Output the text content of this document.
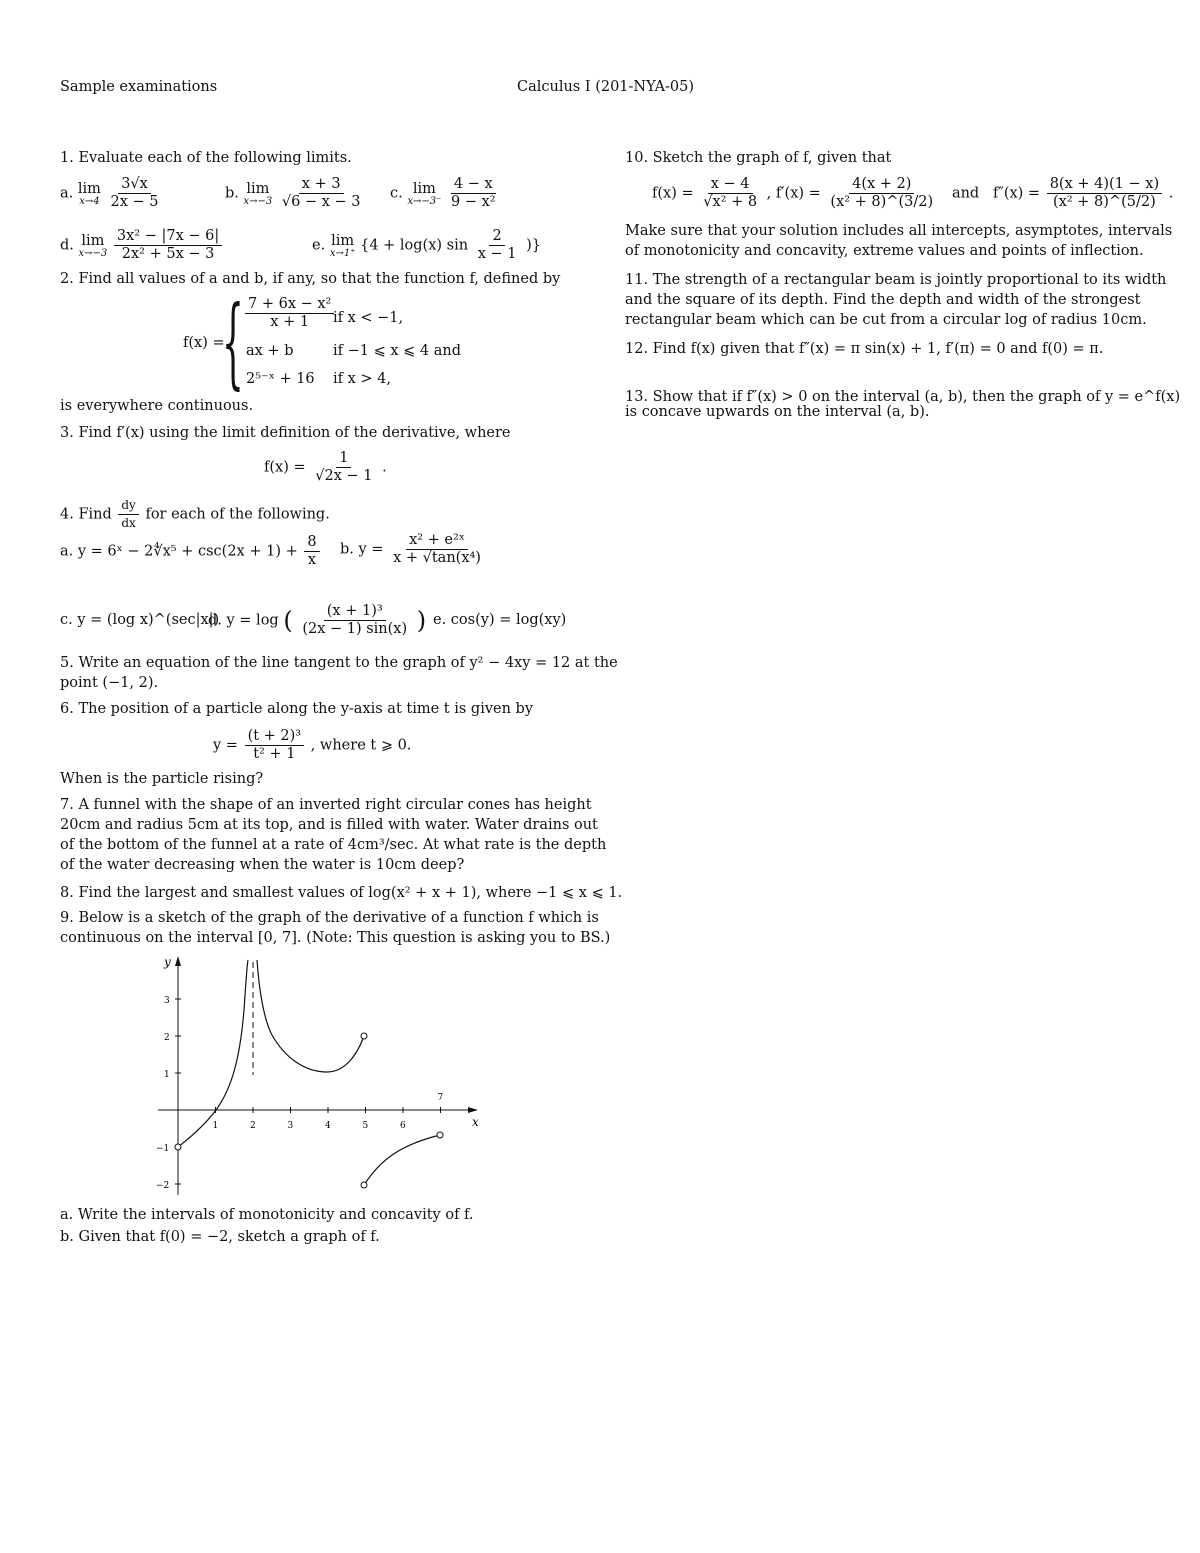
Sample examinations	Calculus I (201-NYA-05)
1. Evaluate each of the following limits.
a. lim
x→4
$\frac{3√x}{2x - 5}$	b. lim
x→−3
$\frac{x + 3}{√6 - x - 3} c$. lim
x→−3⁻
$\frac{4 - x}{\text{9 − x²}}$
d. lim
x→−3
$\frac{\text{3x² − |7x − 6|}}{\text{2x² + 5x − 3}}$	e. lim
x→1⁺ {4 + log(x) $\sin \frac{2}{x - 1}$ )}
2. Find all values of a and b, if any, so that the function f, defined by
f(x) =
{ $\frac{\text{7 + 6x − x²}}{x + 1}$
if x < −1,
ax + b	if −1 ⩽ x ⩽ 4 and
2⁵⁻ˣ + 16 if x > 4,
is everywhere continuous.
3. Find f′(x) using the limit definition of the derivative, where
$f(x) = \frac{1}{√2x - 1}$ .
4. Find $\frac{dy}{dx}$ for each of the following.
a. y = 6ˣ − 2∜x⁵ + $\csc(2x + 1) + \frac{8}{x} b$. $y = \frac{\text{x² + e²ˣ}}{\text{x + √tan(x⁴)}}$
c. y = (log x)^(sec|x|)
d. y = log ( $\frac{\text{(x + 1)³}}{(2x - 1) \sin(x)}$ ) e. cos(y) = log(xy)
5. Write an equation of the line tangent to the graph of y² − 4xy = 12 at the
point (−1, 2).
6. The position of a particle along the y-axis at time t is given by
$y = \frac{\text{(t + 2)³}}{\text{t² + 1}}$ , where t ⩾ 0.
When is the particle rising?
7. A funnel with the shape of an inverted right circular cones has height
20cm and radius 5cm at its top, and is filled with water. Water drains out
of the bottom of the funnel at a rate of 4cm³/sec. At what rate is the depth
of the water decreasing when the water is 10cm deep?
8. Find the largest and smallest values of log(x² + x + 1), where −1 ⩽ x ⩽ 1.
9. Below is a sketch of the graph of the derivative of a function f which is
continuous on the interval [0, 7]. (Note: This question is asking you to BS.)
y
x
1	2	3	4	5	6
7
3
2
1
−1
−2
a. Write the intervals of monotonicity and concavity of f.
b. Given that f(0) = −2, sketch a graph of f.
10. Sketch the graph of f, given that
$f(x) = \frac{x - 4}{\text{√x² + 8}}$ , $f'(x) = \frac{4(x + 2)}{\text{(x² + 8)\textasciicircum{}(3/2)}}$ and $f''(x) = \frac{8(x + 4)(1 - x)}{\text{(x² + 8)\textasciicircum{}(5/2)}}$ .
Make sure that your solution includes all intercepts, asymptotes, intervals
of monotonicity and concavity, extreme values and points of inflection.
11. The strength of a rectangular beam is jointly proportional to its width
and the square of its depth. Find the depth and width of the strongest
rectangular beam which can be cut from a circular log of radius 10cm.
12. Find f(x) given that f″(x) = π sin(x) + 1, f′(π) = 0 and f(0) = π.
13. Show that if f″(x) > 0 on the interval (a, b), then the graph of y = e^f(x)
is concave upwards on the interval (a, b).
